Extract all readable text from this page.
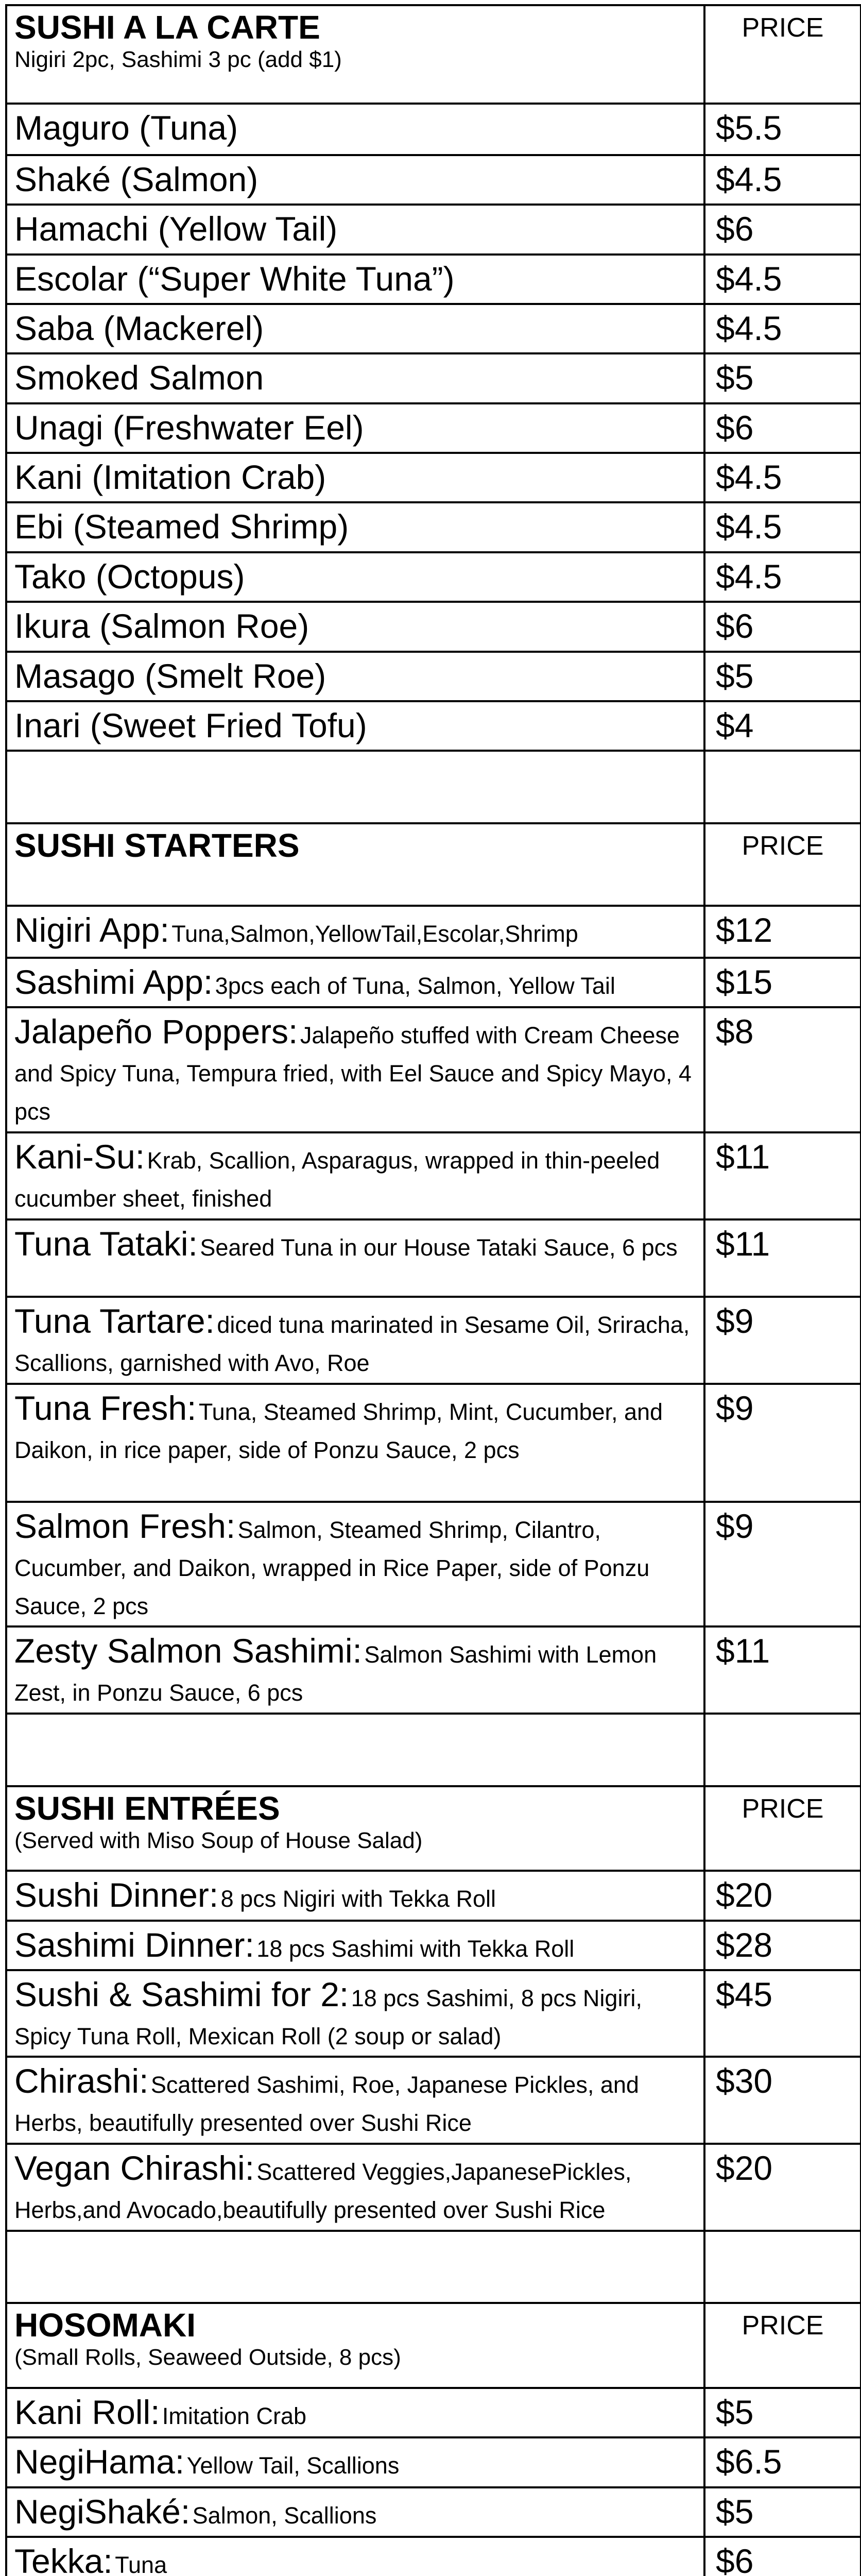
SUSHI A LA CARTE
Nigiri 2pc, Sashimi 3 pc (add $1)	PRICE

Maguro (Tuna)	$5.5

Shaké (Salmon)	$4.5

Hamachi (Yellow Tail)	$6

Escolar (“Super White Tuna”)	$4.5

Saba (Mackerel)	$4.5

Smoked Salmon	$5

Unagi (Freshwater Eel)	$6

Kani (Imitation Crab)	$4.5

Ebi (Steamed Shrimp)	$4.5

Tako (Octopus)	$4.5

Ikura (Salmon Roe)	$6

Masago (Smelt Roe)	$5

Inari (Sweet Fried Tofu)	$4

SUSHI STARTERS	PRICE

Nigiri App: Tuna,Salmon,YellowTail,Escolar,Shrimp	$12

Sashimi App: 3pcs each of Tuna, Salmon, Yellow Tail	$15

Jalapeño Poppers: Jalapeño stuffed with Cream Cheese and Spicy Tuna, Tempura fried, with Eel Sauce and Spicy Mayo, 4 pcs	$8

Kani-Su: Krab, Scallion, Asparagus, wrapped in thin-peeled cucumber sheet, finished	$11

Tuna Tataki: Seared Tuna in our House Tataki Sauce, 6 pcs	$11

Tuna Tartare: diced tuna marinated in Sesame Oil, Sriracha, Scallions, garnished with Avo, Roe	$9

Tuna Fresh: Tuna, Steamed Shrimp, Mint, Cucumber, and Daikon, in rice paper, side of Ponzu Sauce, 2 pcs	$9

Salmon Fresh: Salmon, Steamed Shrimp, Cilantro, Cucumber, and Daikon, wrapped in Rice Paper, side of Ponzu Sauce, 2 pcs	$9

Zesty Salmon Sashimi: Salmon Sashimi with Lemon Zest, in Ponzu Sauce, 6 pcs	$11

SUSHI ENTRÉES
(Served with Miso Soup of House Salad)	PRICE

Sushi Dinner: 8 pcs Nigiri with Tekka Roll	$20

Sashimi Dinner: 18 pcs Sashimi with Tekka Roll	$28

Sushi & Sashimi for 2: 18 pcs Sashimi, 8 pcs Nigiri, Spicy Tuna Roll, Mexican Roll (2 soup or salad)	$45

Chirashi: Scattered Sashimi, Roe, Japanese Pickles, and Herbs, beautifully presented over Sushi Rice	$30

Vegan Chirashi: Scattered Veggies,JapanesePickles, Herbs,and Avocado,beautifully presented over Sushi Rice	$20

HOSOMAKI
(Small Rolls, Seaweed Outside, 8 pcs)	PRICE

Kani Roll: Imitation Crab	$5

NegiHama: Yellow Tail, Scallions	$6.5

NegiShaké: Salmon, Scallions	$5

Tekka: Tuna	$6
